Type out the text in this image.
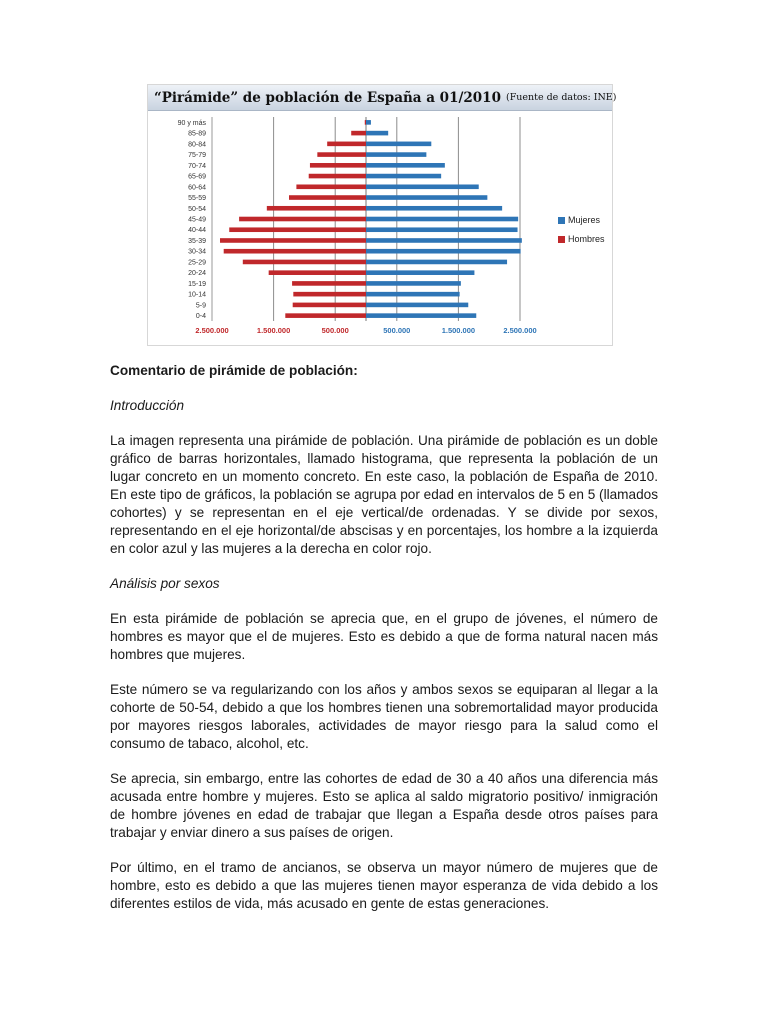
“Pirámide” de población de España a 01/2010 (Fuente de datos: INE)
2.500.000	1.500.000	500.000	500.000	1.500.000	2.500.000
90 y más
85-89
80-84
75-79
70-74
65-69
60-64
55-59
50-54
45-49
40-44
35-39
30-34
25-29
20-24
15-19
10-14
5-9
0-4
Mujeres
Hombres
Comentario de pirámide de población:
Introducción

La imagen representa una pirámide de población. Una pirámide de población es un doble gráfico de barras horizontales, llamado histograma, que representa la población de un lugar concreto en un momento concreto. En este caso, la población de España de 2010. En este tipo de gráficos, la población se agrupa por edad en intervalos de 5 en 5 (llamados cohortes) y se representan en el eje vertical/de ordenadas. Y se divide por sexos, representando en el eje horizontal/de abscisas y en porcentajes, los hombre a la izquierda en color azul y las mujeres a la derecha en color rojo.

Análisis por sexos

En esta pirámide de población se aprecia que, en el grupo de jóvenes, el número de hombres es mayor que el de mujeres. Esto es debido a que de forma natural nacen más hombres que mujeres.

Este número se va regularizando con los años y ambos sexos se equiparan al llegar a la cohorte de 50-54, debido a que los hombres tienen una sobremortalidad mayor producida por mayores riesgos laborales, actividades de mayor riesgo para la salud como el consumo de tabaco, alcohol, etc.

Se aprecia, sin embargo, entre las cohortes de edad de 30 a 40 años una diferencia más acusada entre hombre y mujeres. Esto se aplica al saldo migratorio positivo/ inmigración de hombre jóvenes en edad de trabajar que llegan a España desde otros países para trabajar y enviar dinero a sus países de origen.

Por último, en el tramo de ancianos, se observa un mayor número de mujeres que de hombre, esto es debido a que las mujeres tienen mayor esperanza de vida debido a los diferentes estilos de vida, más acusado en gente de estas generaciones.
